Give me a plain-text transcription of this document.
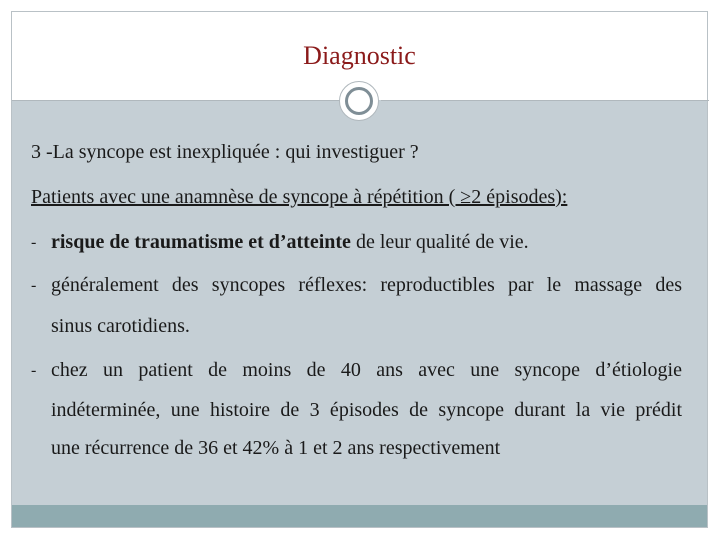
Diagnostic
3 -La syncope est inexpliquée : qui investiguer ?
Patients avec une anamnèse de syncope à répétition ( ≥2 épisodes):
- risque de traumatisme et d’atteinte de leur qualité de vie.
- généralement des syncopes réflexes: reproductibles par le massage des
sinus carotidiens.
- chez un patient de moins de 40 ans avec une syncope d’étiologie
indéterminée, une histoire de 3 épisodes de syncope durant la vie prédit
une récurrence de 36 et 42% à 1 et 2 ans respectivement
